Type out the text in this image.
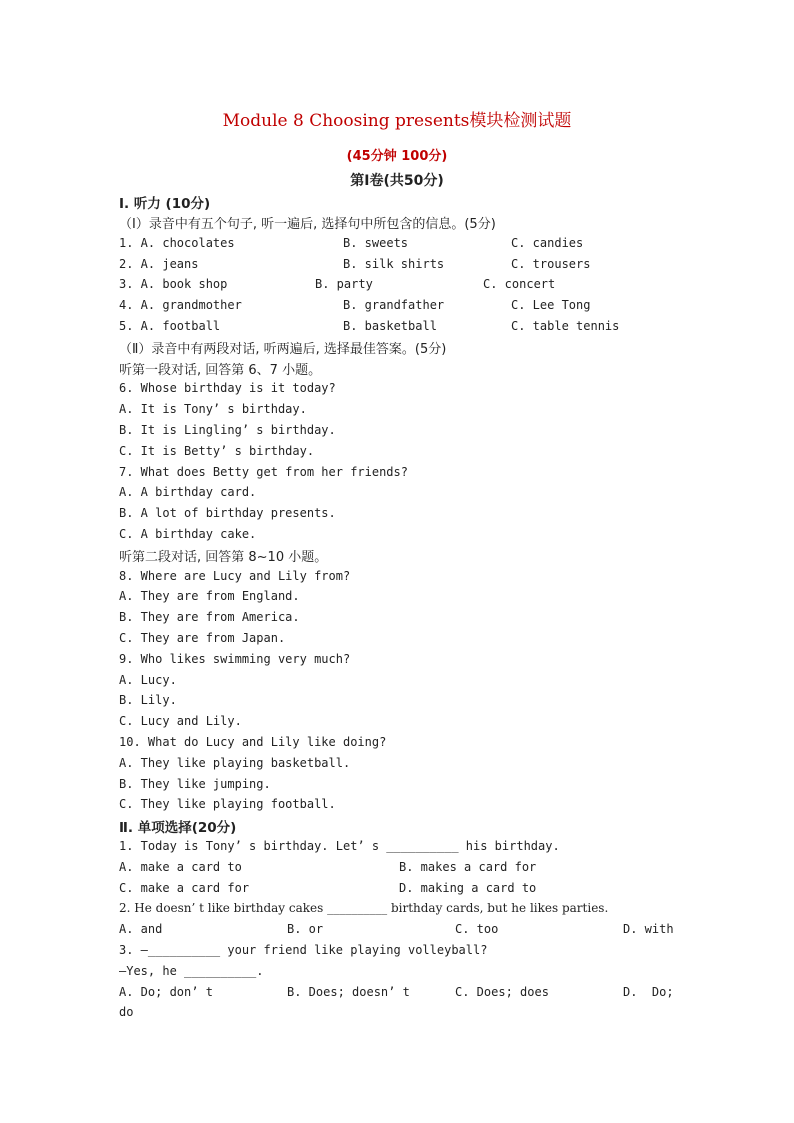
Module 8 Choosing presents模块检测试题
(45分钟 100分)
第Ⅰ卷(共50分)
Ⅰ. 听力 (10分)
（Ⅰ）录音中有五个句子, 听一遍后, 选择句中所包含的信息。(5分)
1. A. chocolates	B. sweets	C. candies
2. A. jeans	B. silk shirts	C. trousers
3. A. book shop	B. party	C. concert
4. A. grandmother	B. grandfather	C. Lee Tong
5. A. football	B. basketball	C. table tennis
（Ⅱ）录音中有两段对话, 听两遍后, 选择最佳答案。(5分)
听第一段对话, 回答第 6、7 小题。
6. Whose birthday is it today?
A. It is Tony’ s birthday.
B. It is Lingling’ s birthday.
C. It is Betty’ s birthday.
7. What does Betty get from her friends?
A. A birthday card.
B. A lot of birthday presents.
C. A birthday cake.
听第二段对话, 回答第 8~10 小题。
8. Where are Lucy and Lily from?
A. They are from England.
B. They are from America.
C. They are from Japan.
9. Who likes swimming very much?
A. Lucy.
B. Lily.
C. Lucy and Lily.
10. What do Lucy and Lily like doing?
A. They like playing basketball.
B. They like jumping.
C. They like playing football.
Ⅱ. 单项选择(20分)
1. Today is Tony’ s birthday. Let’ s __________ his birthday.
A. make a card to	B. makes a card for
C. make a card for	D. making a card to
2. He doesn’ t like birthday cakes __________ birthday cards, but he likes parties.
A. and	B. or	C. too	D. with
3. —__________ your friend like playing volleyball?
—Yes, he __________.
A. Do; don’ t	B. Does; doesn’ t	C. Does; does	D.  Do;
do
